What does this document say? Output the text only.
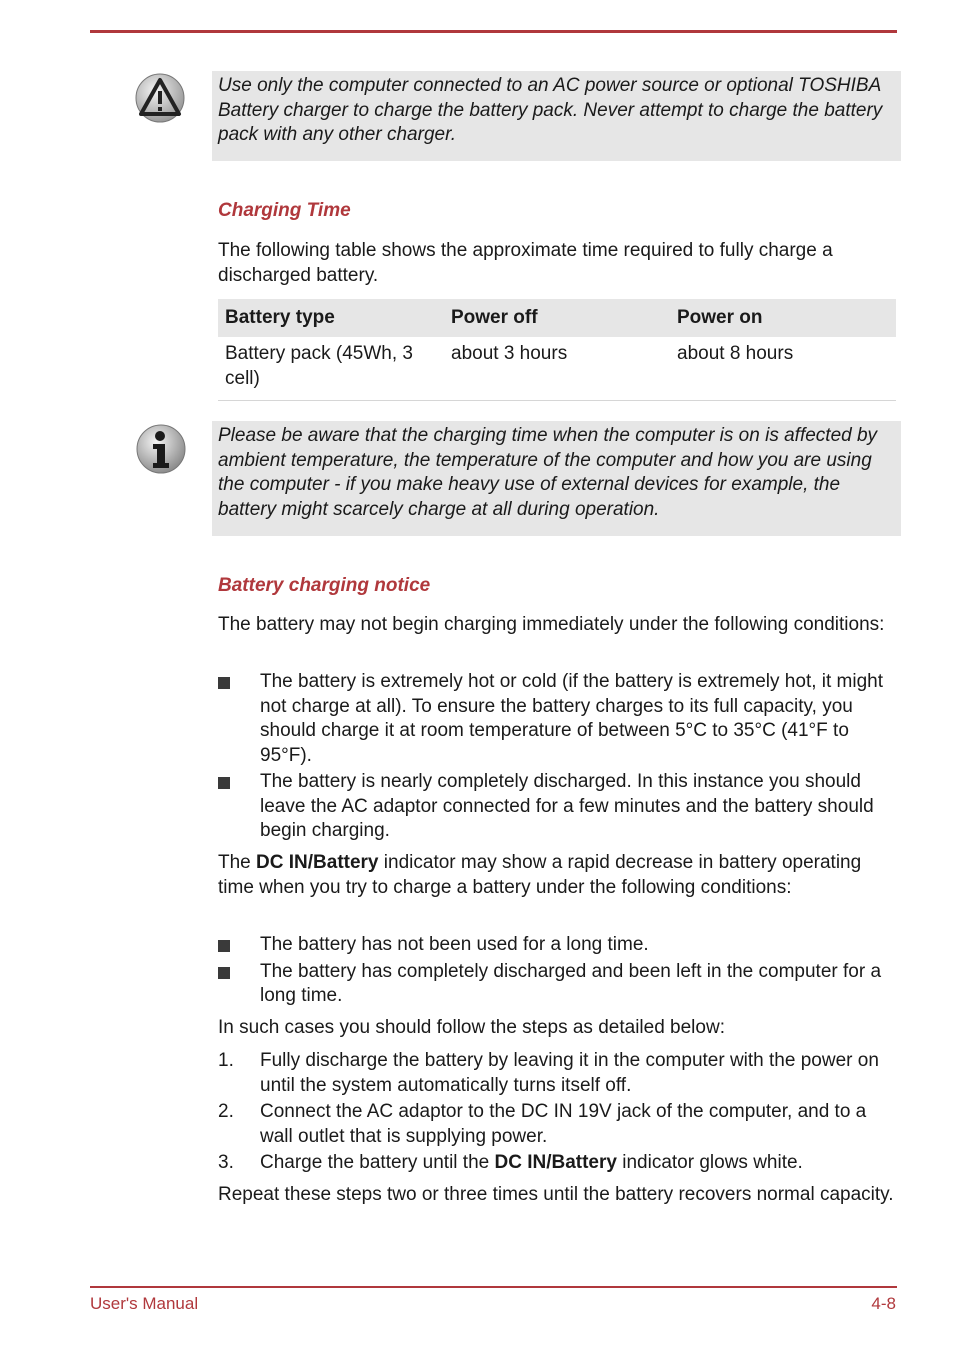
Use only the computer connected to an AC power source or optional TOSHIBA Battery charger to charge the battery pack. Never attempt to charge the battery pack with any other charger.
Charging Time
The following table shows the approximate time required to fully charge a discharged battery.
Battery type	Power off	Power on
Battery pack (45Wh, 3 cell)	about 3 hours	about 8 hours
Please be aware that the charging time when the computer is on is affected by ambient temperature, the temperature of the computer and how you are using the computer - if you make heavy use of external devices for example, the battery might scarcely charge at all during operation.
Battery charging notice
The battery may not begin charging immediately under the following conditions:
The battery is extremely hot or cold (if the battery is extremely hot, it might not charge at all). To ensure the battery charges to its full capacity, you should charge it at room temperature of between 5°C to 35°C (41°F to 95°F).
The battery is nearly completely discharged. In this instance you should leave the AC adaptor connected for a few minutes and the battery should begin charging.
The DC IN/Battery indicator may show a rapid decrease in battery operating time when you try to charge a battery under the following conditions:
The battery has not been used for a long time.
The battery has completely discharged and been left in the computer for a long time.
In such cases you should follow the steps as detailed below:
1. Fully discharge the battery by leaving it in the computer with the power on until the system automatically turns itself off.
2. Connect the AC adaptor to the DC IN 19V jack of the computer, and to a wall outlet that is supplying power.
3. Charge the battery until the DC IN/Battery indicator glows white.
Repeat these steps two or three times until the battery recovers normal capacity.
User's Manual	4-8
